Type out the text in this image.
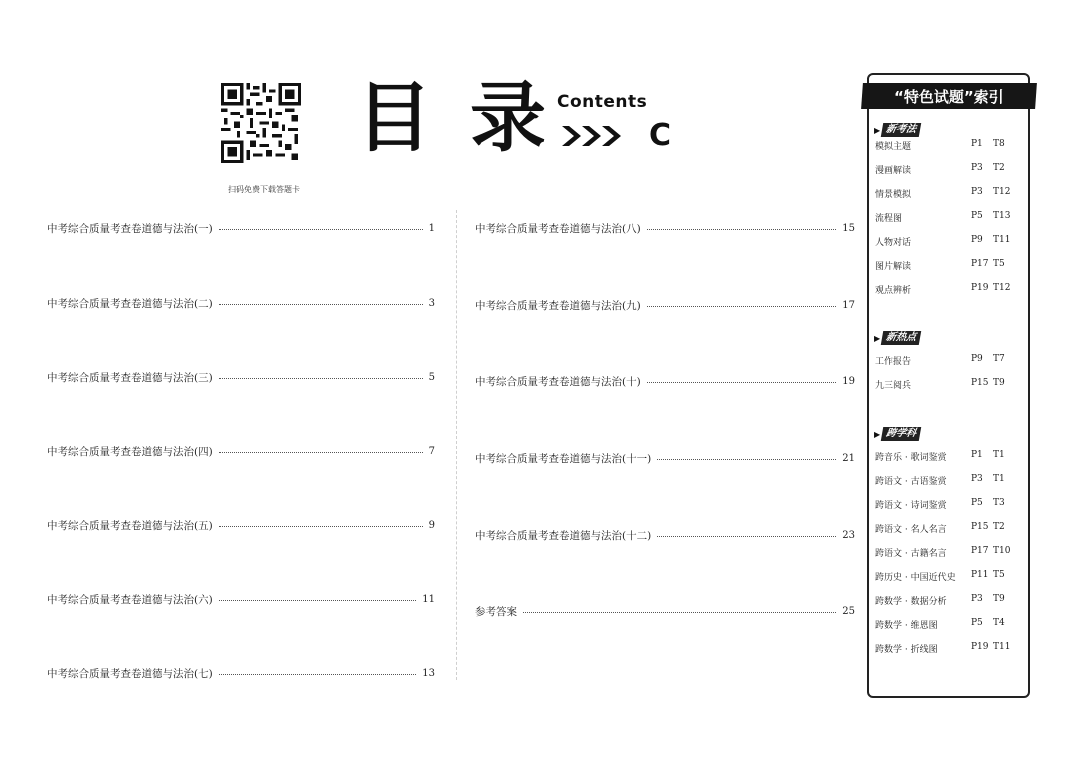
扫码免费下载答题卡
目 录 Contents
C
中考综合质量考查卷道德与法治(一)	1
中考综合质量考查卷道德与法治(二)	3
中考综合质量考查卷道德与法治(三)	5
中考综合质量考查卷道德与法治(四)	7
中考综合质量考查卷道德与法治(五)	9
中考综合质量考查卷道德与法治(六)	11
中考综合质量考查卷道德与法治(七)	13
中考综合质量考查卷道德与法治(八)	15
中考综合质量考查卷道德与法治(九)	17
中考综合质量考查卷道德与法治(十)	19
中考综合质量考查卷道德与法治(十一)	21
中考综合质量考查卷道德与法治(十二)	23
参考答案	25
“特色试题”索引
▶ 新考法
模拟主题	P1 T8
漫画解读	P3 T2
情景模拟	P3 T12
流程图	P5 T13
人物对话	P9 T11
图片解读	P17 T5
观点辨析	P19 T12
▶ 新热点
工作报告	P9 T7
九三阅兵	P15 T9
▶ 跨学科
跨音乐 · 歌词鉴赏	P1 T1
跨语文 · 古语鉴赏	P3 T1
跨语文 · 诗词鉴赏	P5 T3
跨语文 · 名人名言	P15 T2
跨语文 · 古籍名言	P17 T10
跨历史 · 中国近代史 P11 T5
跨数学 · 数据分析	P3 T9
跨数学 · 维恩图	P5 T4
跨数学 · 折线图	P19 T11
